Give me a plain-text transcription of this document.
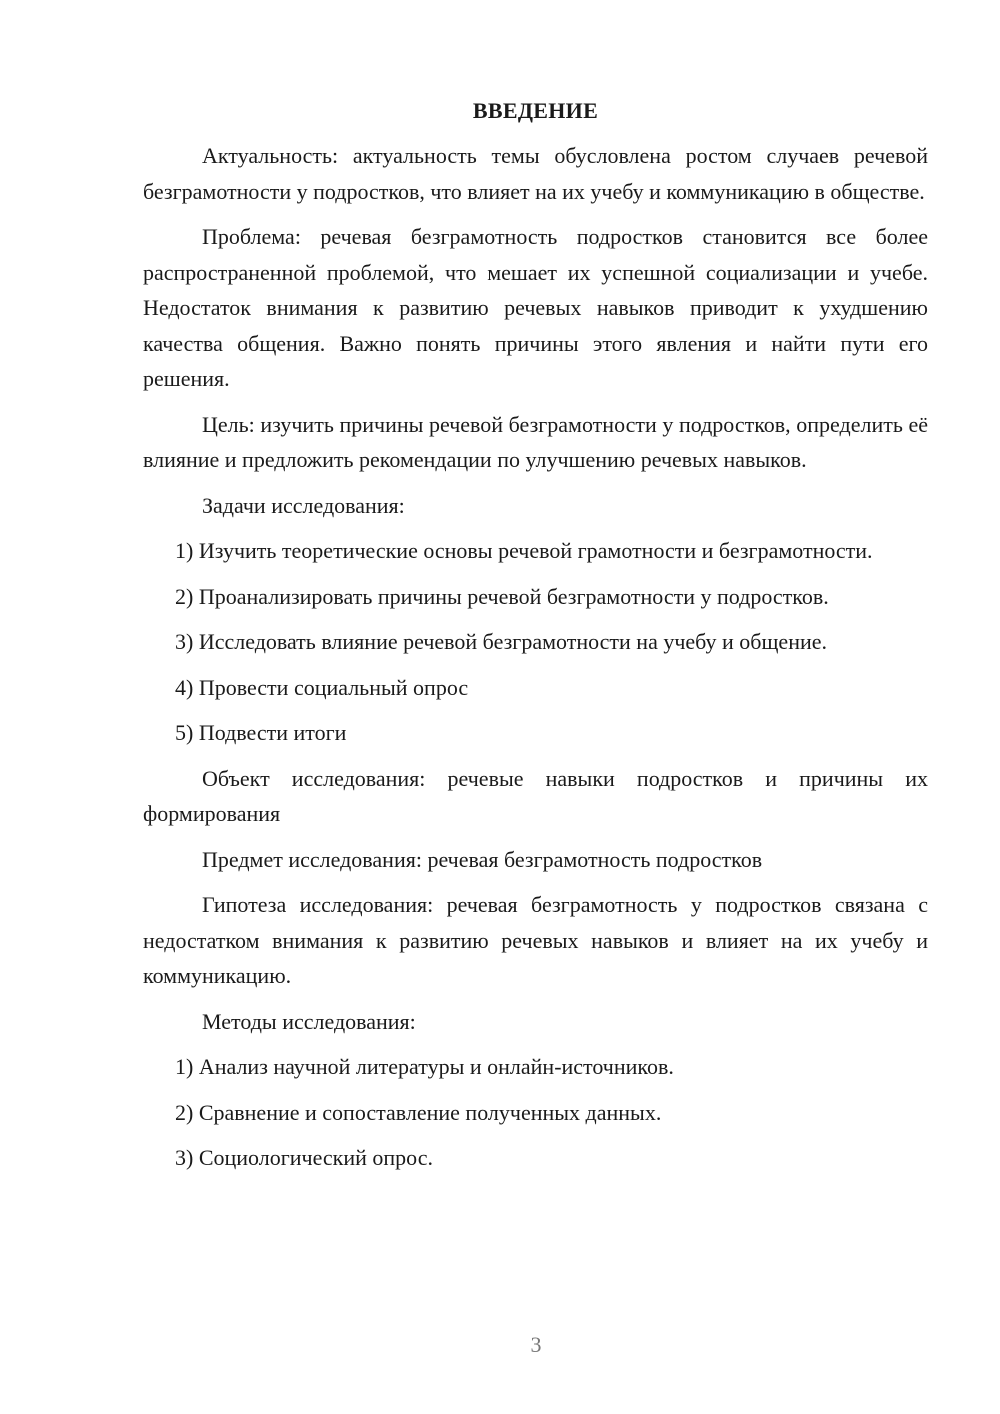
ВВЕДЕНИЕ

Актуальность: актуальность темы обусловлена ростом случаев речевой безграмотности у подростков, что влияет на их учебу и коммуникацию в обществе.

Проблема: речевая безграмотность подростков становится все более распространенной проблемой, что мешает их успешной социализации и учебе. Недостаток внимания к развитию речевых навыков приводит к ухудшению качества общения. Важно понять причины этого явления и найти пути его решения.

Цель: изучить причины речевой безграмотности у подростков, определить её влияние и предложить рекомендации по улучшению речевых навыков.

Задачи исследования:

1) Изучить теоретические основы речевой грамотности и безграмотности.

2) Проанализировать причины речевой безграмотности у подростков.

3) Исследовать влияние речевой безграмотности на учебу и общение.

4) Провести социальный опрос

5) Подвести итоги

Объект исследования: речевые навыки подростков и причины их формирования

Предмет исследования: речевая безграмотность подростков

Гипотеза исследования: речевая безграмотность у подростков связана с недостатком внимания к развитию речевых навыков и влияет на их учебу и коммуникацию.

Методы исследования:

1) Анализ научной литературы и онлайн-источников.

2) Сравнение и сопоставление полученных данных.

3) Социологический опрос.

3
